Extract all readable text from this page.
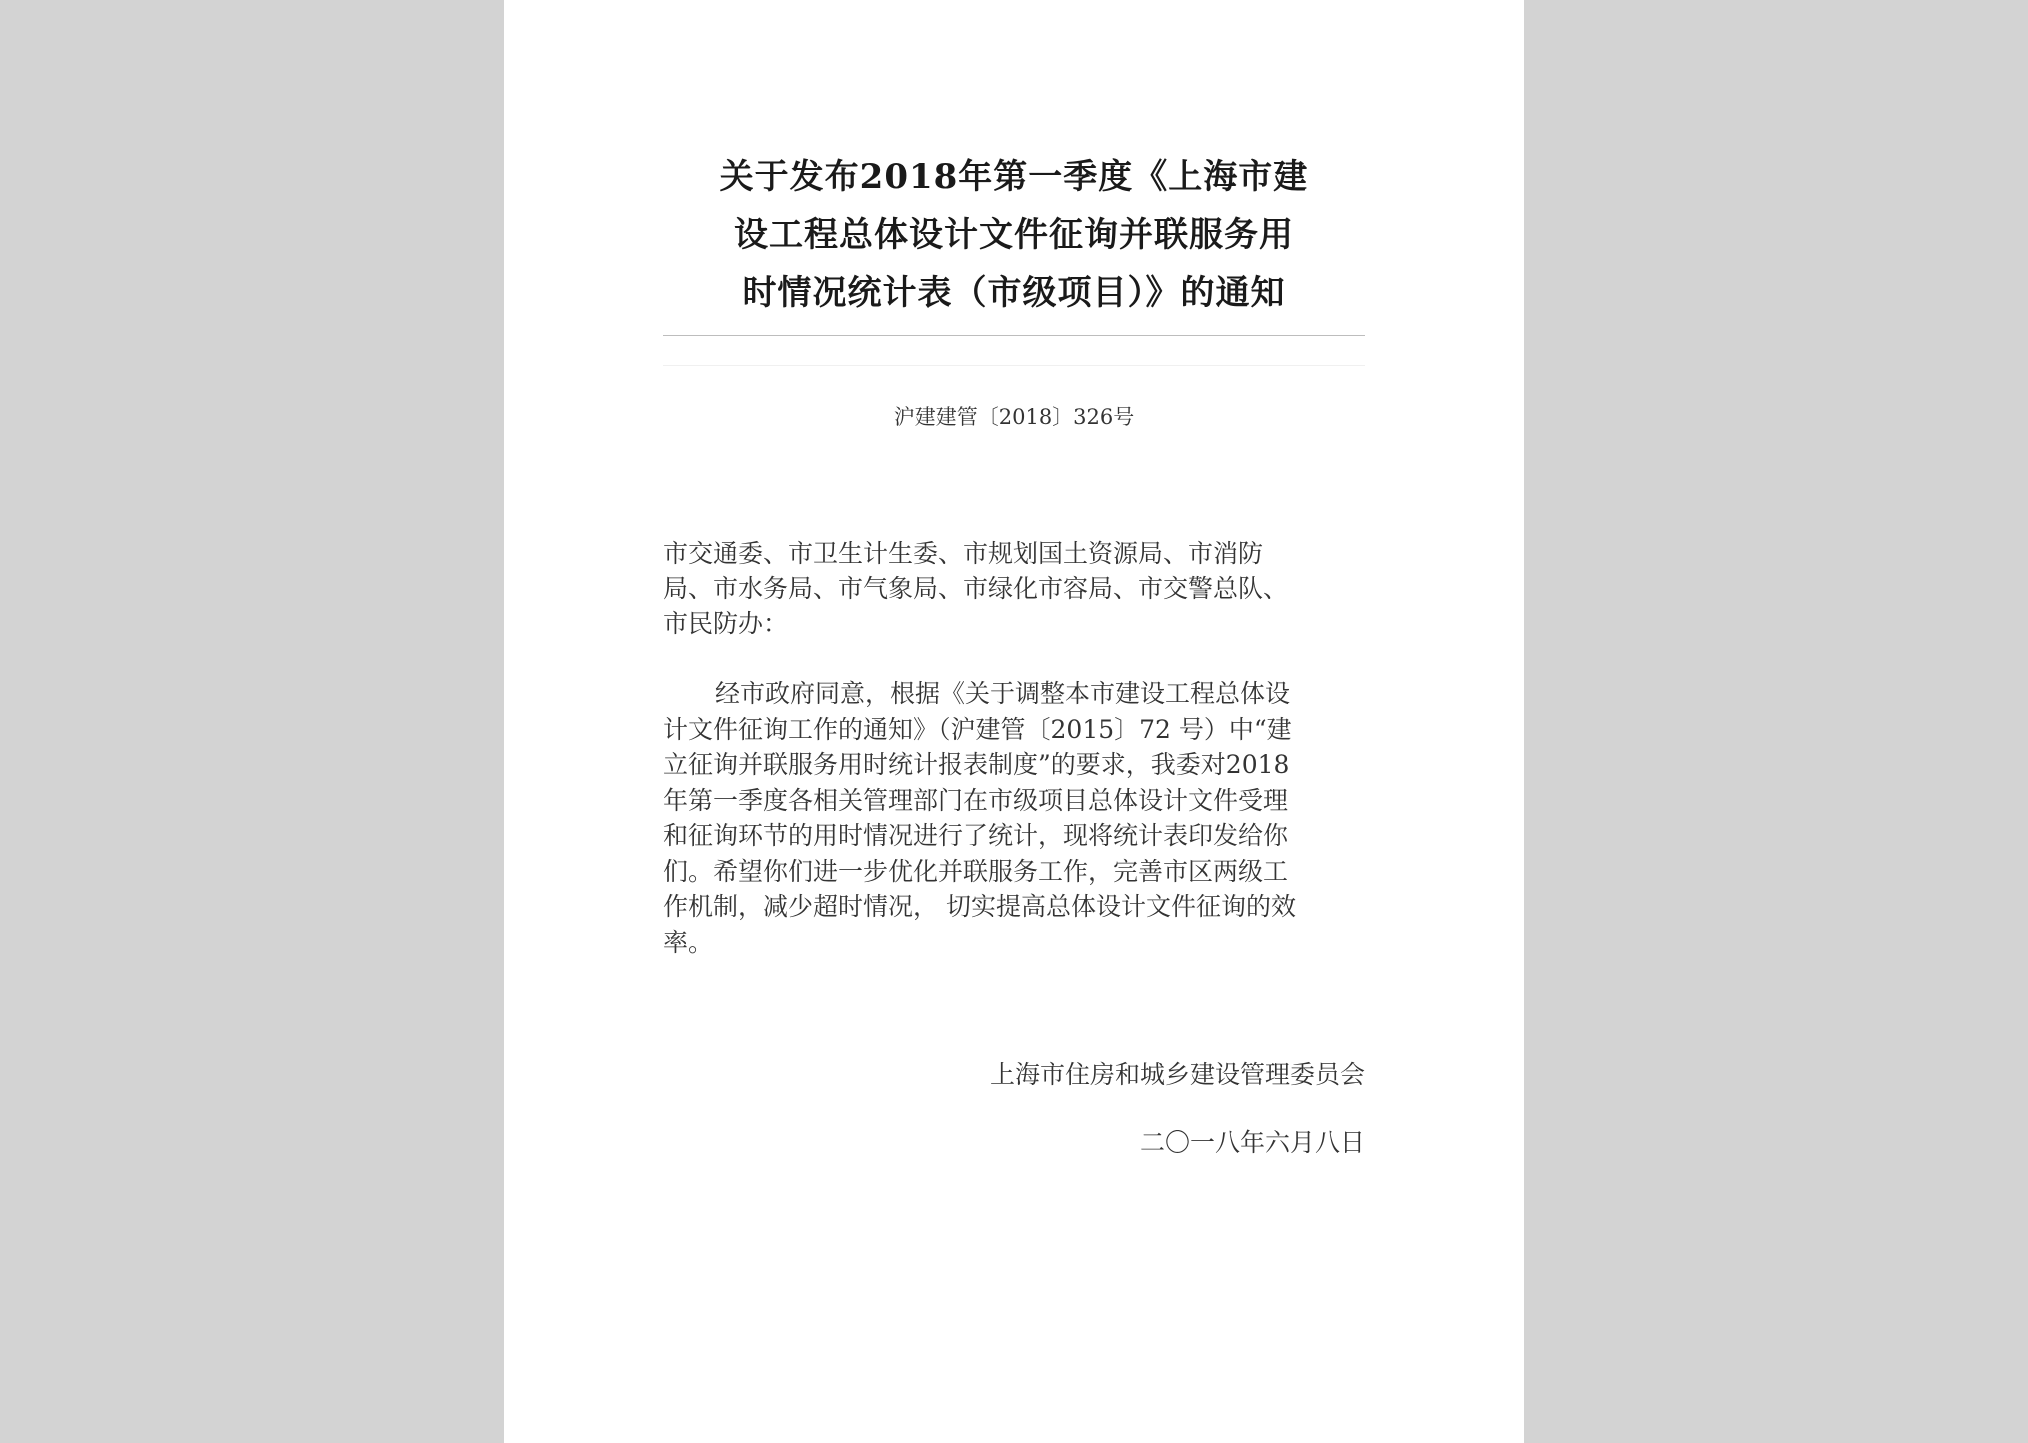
关于发布2018年第一季度《上海市建
设工程总体设计文件征询并联服务用
时情况统计表（市级项目）》的通知
沪建建管〔2018〕326号
市交通委、市卫生计生委、市规划国土资源局、市消防
局、市水务局、市气象局、市绿化市容局、市交警总队、
市民防办：
经市政府同意，根据《关于调整本市建设工程总体设
计文件征询工作的通知》（沪建管〔2015〕72 号）中“建
立征询并联服务用时统计报表制度”的要求，我委对2018
年第一季度各相关管理部门在市级项目总体设计文件受理
和征询环节的用时情况进行了统计，现将统计表印发给你
们。希望你们进一步优化并联服务工作，完善市区两级工
作机制，减少超时情况， 切实提高总体设计文件征询的效
率。
上海市住房和城乡建设管理委员会
二〇一八年六月八日
